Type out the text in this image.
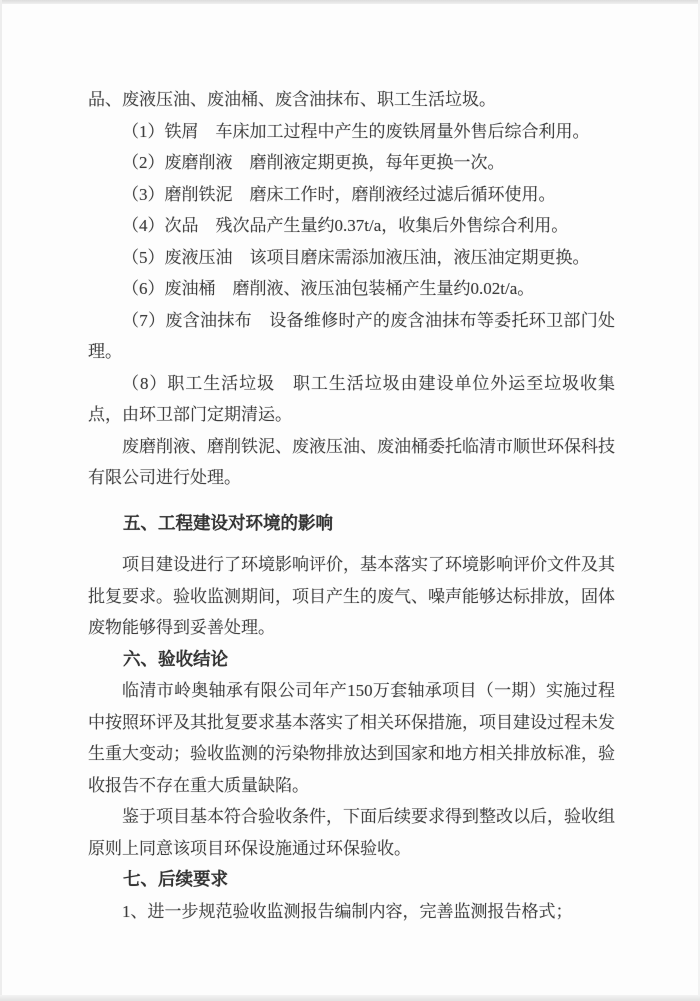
品、废液压油、废油桶、废含油抹布、职工生活垃圾。

（1）铁屑　车床加工过程中产生的废铁屑量外售后综合利用。

（2）废磨削液　磨削液定期更换，每年更换一次。

（3）磨削铁泥　磨床工作时，磨削液经过滤后循环使用。

（4）次品　残次品产生量约0.37t/a，收集后外售综合利用。

（5）废液压油　该项目磨床需添加液压油，液压油定期更换。

（6）废油桶　磨削液、液压油包装桶产生量约0.02t/a。

（7）废含油抹布　设备维修时产的废含油抹布等委托环卫部门处理。

（8）职工生活垃圾　职工生活垃圾由建设单位外运至垃圾收集点，由环卫部门定期清运。

废磨削液、磨削铁泥、废液压油、废油桶委托临清市顺世环保科技有限公司进行处理。

五、工程建设对环境的影响

项目建设进行了环境影响评价，基本落实了环境影响评价文件及其批复要求。验收监测期间，项目产生的废气、噪声能够达标排放，固体废物能够得到妥善处理。

六、验收结论

临清市岭奥轴承有限公司年产150万套轴承项目（一期）实施过程中按照环评及其批复要求基本落实了相关环保措施，项目建设过程未发生重大变动；验收监测的污染物排放达到国家和地方相关排放标准，验收报告不存在重大质量缺陷。

鉴于项目基本符合验收条件，下面后续要求得到整改以后，验收组原则上同意该项目环保设施通过环保验收。

七、后续要求

1、进一步规范验收监测报告编制内容，完善监测报告格式；
